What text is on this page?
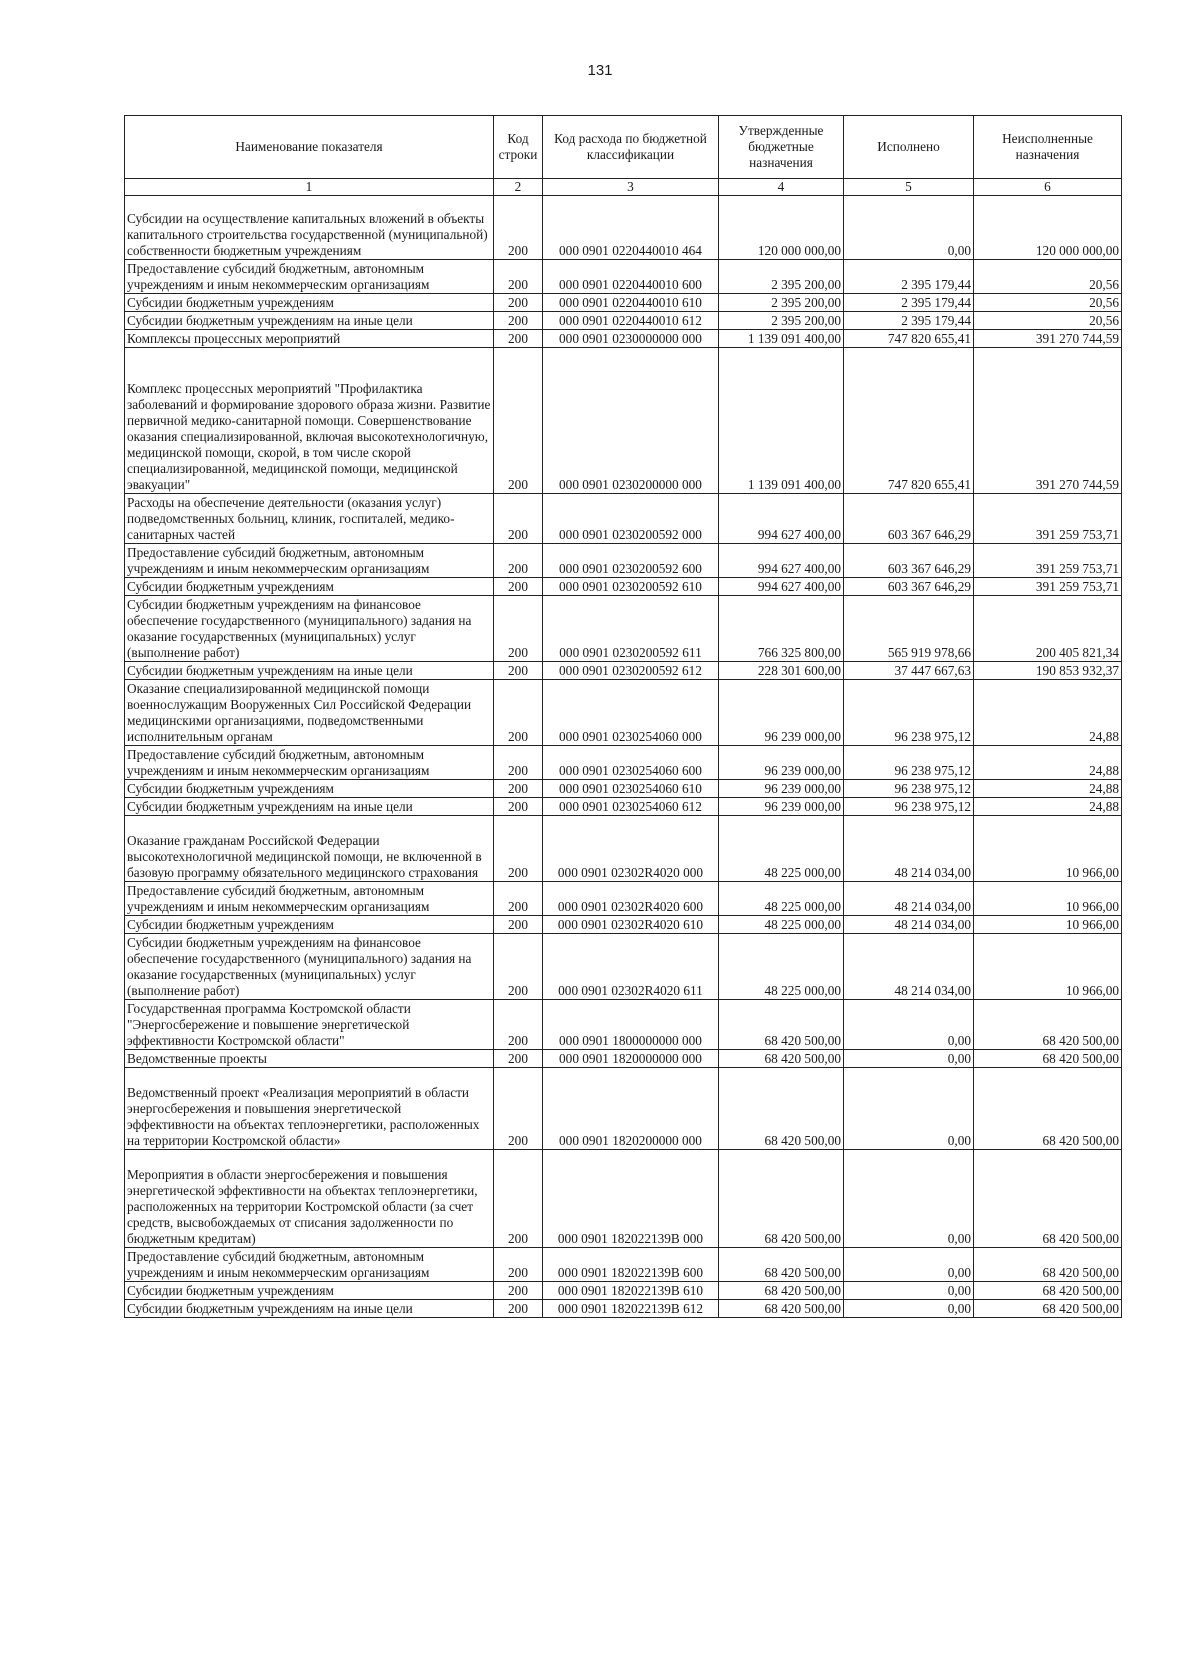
131
Наименование показателя	Код строки	Код расхода по бюджетной классификации	Утвержденные бюджетные назначения	Исполнено	Неисполненные назначения
1	2	3	4	5	6
Субсидии на осуществление капитальных вложений в объекты капитального строительства государственной (муниципальной) собственности бюджетным учреждениям	200	000 0901 0220440010 464	120 000 000,00	0,00	120 000 000,00
Предоставление субсидий бюджетным, автономным учреждениям и иным некоммерческим организациям	200	000 0901 0220440010 600	2 395 200,00	2 395 179,44	20,56
Субсидии бюджетным учреждениям	200	000 0901 0220440010 610	2 395 200,00	2 395 179,44	20,56
Субсидии бюджетным учреждениям на иные цели	200	000 0901 0220440010 612	2 395 200,00	2 395 179,44	20,56
Комплексы процессных мероприятий	200	000 0901 0230000000 000	1 139 091 400,00	747 820 655,41	391 270 744,59
Комплекс процессных мероприятий "Профилактика заболеваний и формирование здорового образа жизни. Развитие первичной медико-санитарной помощи. Совершенствование оказания специализированной, включая высокотехнологичную, медицинской помощи, скорой, в том числе скорой специализированной, медицинской помощи, медицинской эвакуации"	200	000 0901 0230200000 000	1 139 091 400,00	747 820 655,41	391 270 744,59
Расходы на обеспечение деятельности (оказания услуг) подведомственных больниц, клиник, госпиталей, медико-санитарных частей	200	000 0901 0230200592 000	994 627 400,00	603 367 646,29	391 259 753,71
Предоставление субсидий бюджетным, автономным учреждениям и иным некоммерческим организациям	200	000 0901 0230200592 600	994 627 400,00	603 367 646,29	391 259 753,71
Субсидии бюджетным учреждениям	200	000 0901 0230200592 610	994 627 400,00	603 367 646,29	391 259 753,71
Субсидии бюджетным учреждениям на финансовое обеспечение государственного (муниципального) задания на оказание государственных (муниципальных) услуг (выполнение работ)	200	000 0901 0230200592 611	766 325 800,00	565 919 978,66	200 405 821,34
Субсидии бюджетным учреждениям на иные цели	200	000 0901 0230200592 612	228 301 600,00	37 447 667,63	190 853 932,37
Оказание специализированной медицинской помощи военнослужащим Вооруженных Сил Российской Федерации медицинскими организациями, подведомственными исполнительным органам	200	000 0901 0230254060 000	96 239 000,00	96 238 975,12	24,88
Предоставление субсидий бюджетным, автономным учреждениям и иным некоммерческим организациям	200	000 0901 0230254060 600	96 239 000,00	96 238 975,12	24,88
Субсидии бюджетным учреждениям	200	000 0901 0230254060 610	96 239 000,00	96 238 975,12	24,88
Субсидии бюджетным учреждениям на иные цели	200	000 0901 0230254060 612	96 239 000,00	96 238 975,12	24,88
Оказание гражданам Российской Федерации высокотехнологичной медицинской помощи, не включенной в базовую программу обязательного медицинского страхования	200	000 0901 02302R4020 000	48 225 000,00	48 214 034,00	10 966,00
Предоставление субсидий бюджетным, автономным учреждениям и иным некоммерческим организациям	200	000 0901 02302R4020 600	48 225 000,00	48 214 034,00	10 966,00
Субсидии бюджетным учреждениям	200	000 0901 02302R4020 610	48 225 000,00	48 214 034,00	10 966,00
Субсидии бюджетным учреждениям на финансовое обеспечение государственного (муниципального) задания на оказание государственных (муниципальных) услуг (выполнение работ)	200	000 0901 02302R4020 611	48 225 000,00	48 214 034,00	10 966,00
Государственная программа Костромской области "Энергосбережение и повышение энергетической эффективности Костромской области"	200	000 0901 1800000000 000	68 420 500,00	0,00	68 420 500,00
Ведомственные проекты	200	000 0901 1820000000 000	68 420 500,00	0,00	68 420 500,00
Ведомственный проект «Реализация мероприятий в области энергосбережения и повышения энергетической эффективности на объектах теплоэнергетики, расположенных на территории Костромской области»	200	000 0901 1820200000 000	68 420 500,00	0,00	68 420 500,00
Мероприятия в области энергосбережения и повышения энергетической эффективности на объектах теплоэнергетики, расположенных на территории Костромской области (за счет средств, высвобождаемых от списания задолженности по бюджетным кредитам)	200	000 0901 182022139В 000	68 420 500,00	0,00	68 420 500,00
Предоставление субсидий бюджетным, автономным учреждениям и иным некоммерческим организациям	200	000 0901 182022139В 600	68 420 500,00	0,00	68 420 500,00
Субсидии бюджетным учреждениям	200	000 0901 182022139В 610	68 420 500,00	0,00	68 420 500,00
Субсидии бюджетным учреждениям на иные цели	200	000 0901 182022139В 612	68 420 500,00	0,00	68 420 500,00
